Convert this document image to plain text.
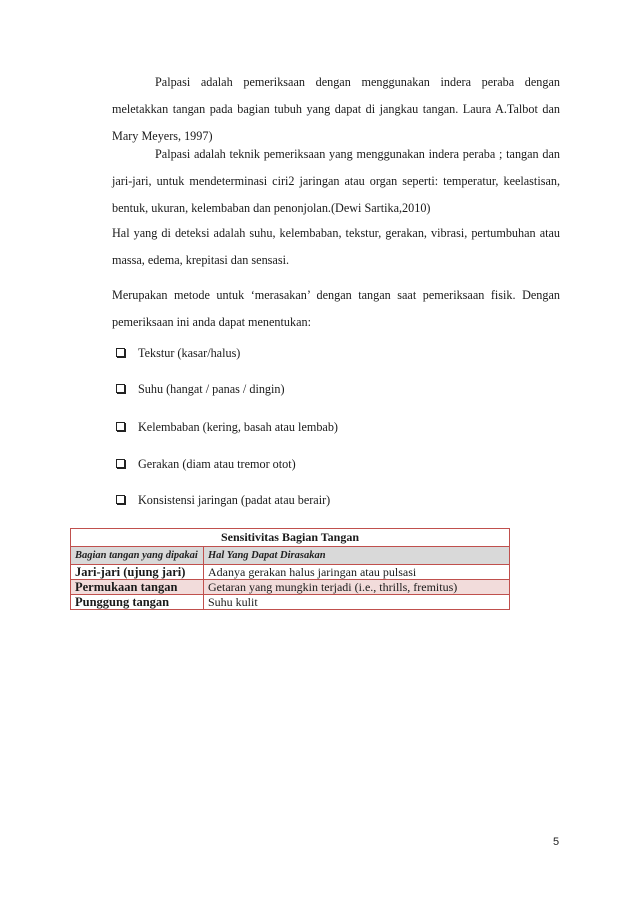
Palpasi adalah pemeriksaan dengan menggunakan indera peraba dengan meletakkan tangan pada bagian tubuh yang dapat di jangkau tangan. Laura A.Talbot dan Mary Meyers, 1997)

Palpasi adalah teknik pemeriksaan yang menggunakan indera peraba ; tangan dan jari-jari, untuk mendeterminasi ciri2 jaringan atau organ seperti: temperatur, keelastisan, bentuk, ukuran, kelembaban dan penonjolan.(Dewi Sartika,2010)

Hal yang di deteksi adalah suhu, kelembaban, tekstur, gerakan, vibrasi, pertumbuhan atau massa, edema, krepitasi dan sensasi.

Merupakan metode untuk ‘merasakan’ dengan tangan saat pemeriksaan fisik. Dengan pemeriksaan ini anda dapat menentukan:

Tekstur (kasar/halus)
Suhu (hangat / panas / dingin)
Kelembaban (kering, basah atau lembab)
Gerakan (diam atau tremor otot)
Konsistensi jaringan (padat atau berair)
Sensitivitas Bagian Tangan	
Bagian tangan yang dipakai	Hal Yang Dapat Dirasakan
Jari-jari (ujung jari)	Adanya gerakan halus jaringan atau pulsasi
Permukaan tangan	Getaran yang mungkin terjadi (i.e., thrills, fremitus)
Punggung tangan	Suhu kulit
5
